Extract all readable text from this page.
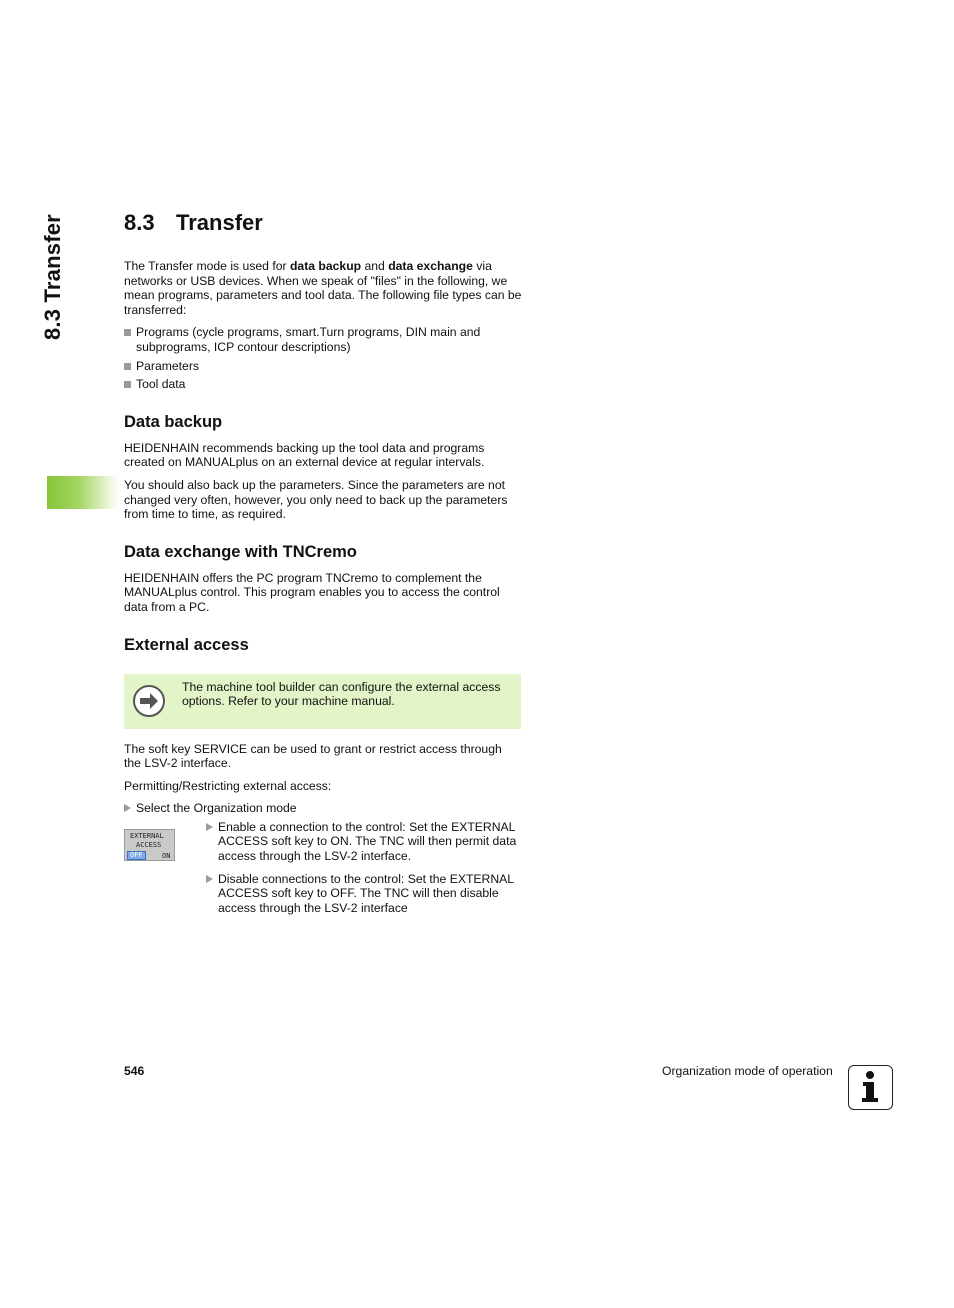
8.3 Transfer	8.3 Transfer

The Transfer mode is used for data backup and data exchange via networks or USB devices. When we speak of "files" in the following, we mean programs, parameters and tool data. The following file types can be transferred:

Programs (cycle programs, smart.Turn programs, DIN main and subprograms, ICP contour descriptions)
Parameters
Tool data
Data backup

HEIDENHAIN recommends backing up the tool data and programs created on MANUALplus on an external device at regular intervals.

You should also back up the parameters. Since the parameters are not changed very often, however, you only need to back up the parameters from time to time, as required.

Data exchange with TNCremo

HEIDENHAIN offers the PC program TNCremo to complement the MANUALplus control. This program enables you to access the control data from a PC.

External access

The machine tool builder can configure the external access options. Refer to your machine manual.

The soft key SERVICE can be used to grant or restrict access through the LSV-2 interface.

Permitting/Restricting external access:

Select the Organization mode
Enable a connection to the control: Set the EXTERNAL ACCESS soft key to ON. The TNC will then permit data access through the LSV-2 interface.
Disable connections to the control: Set the EXTERNAL ACCESS soft key to OFF. The TNC will then disable access through the LSV-2 interface
EXTERNAL
ACCESS
OFF	ON
546	Organization mode of operation
